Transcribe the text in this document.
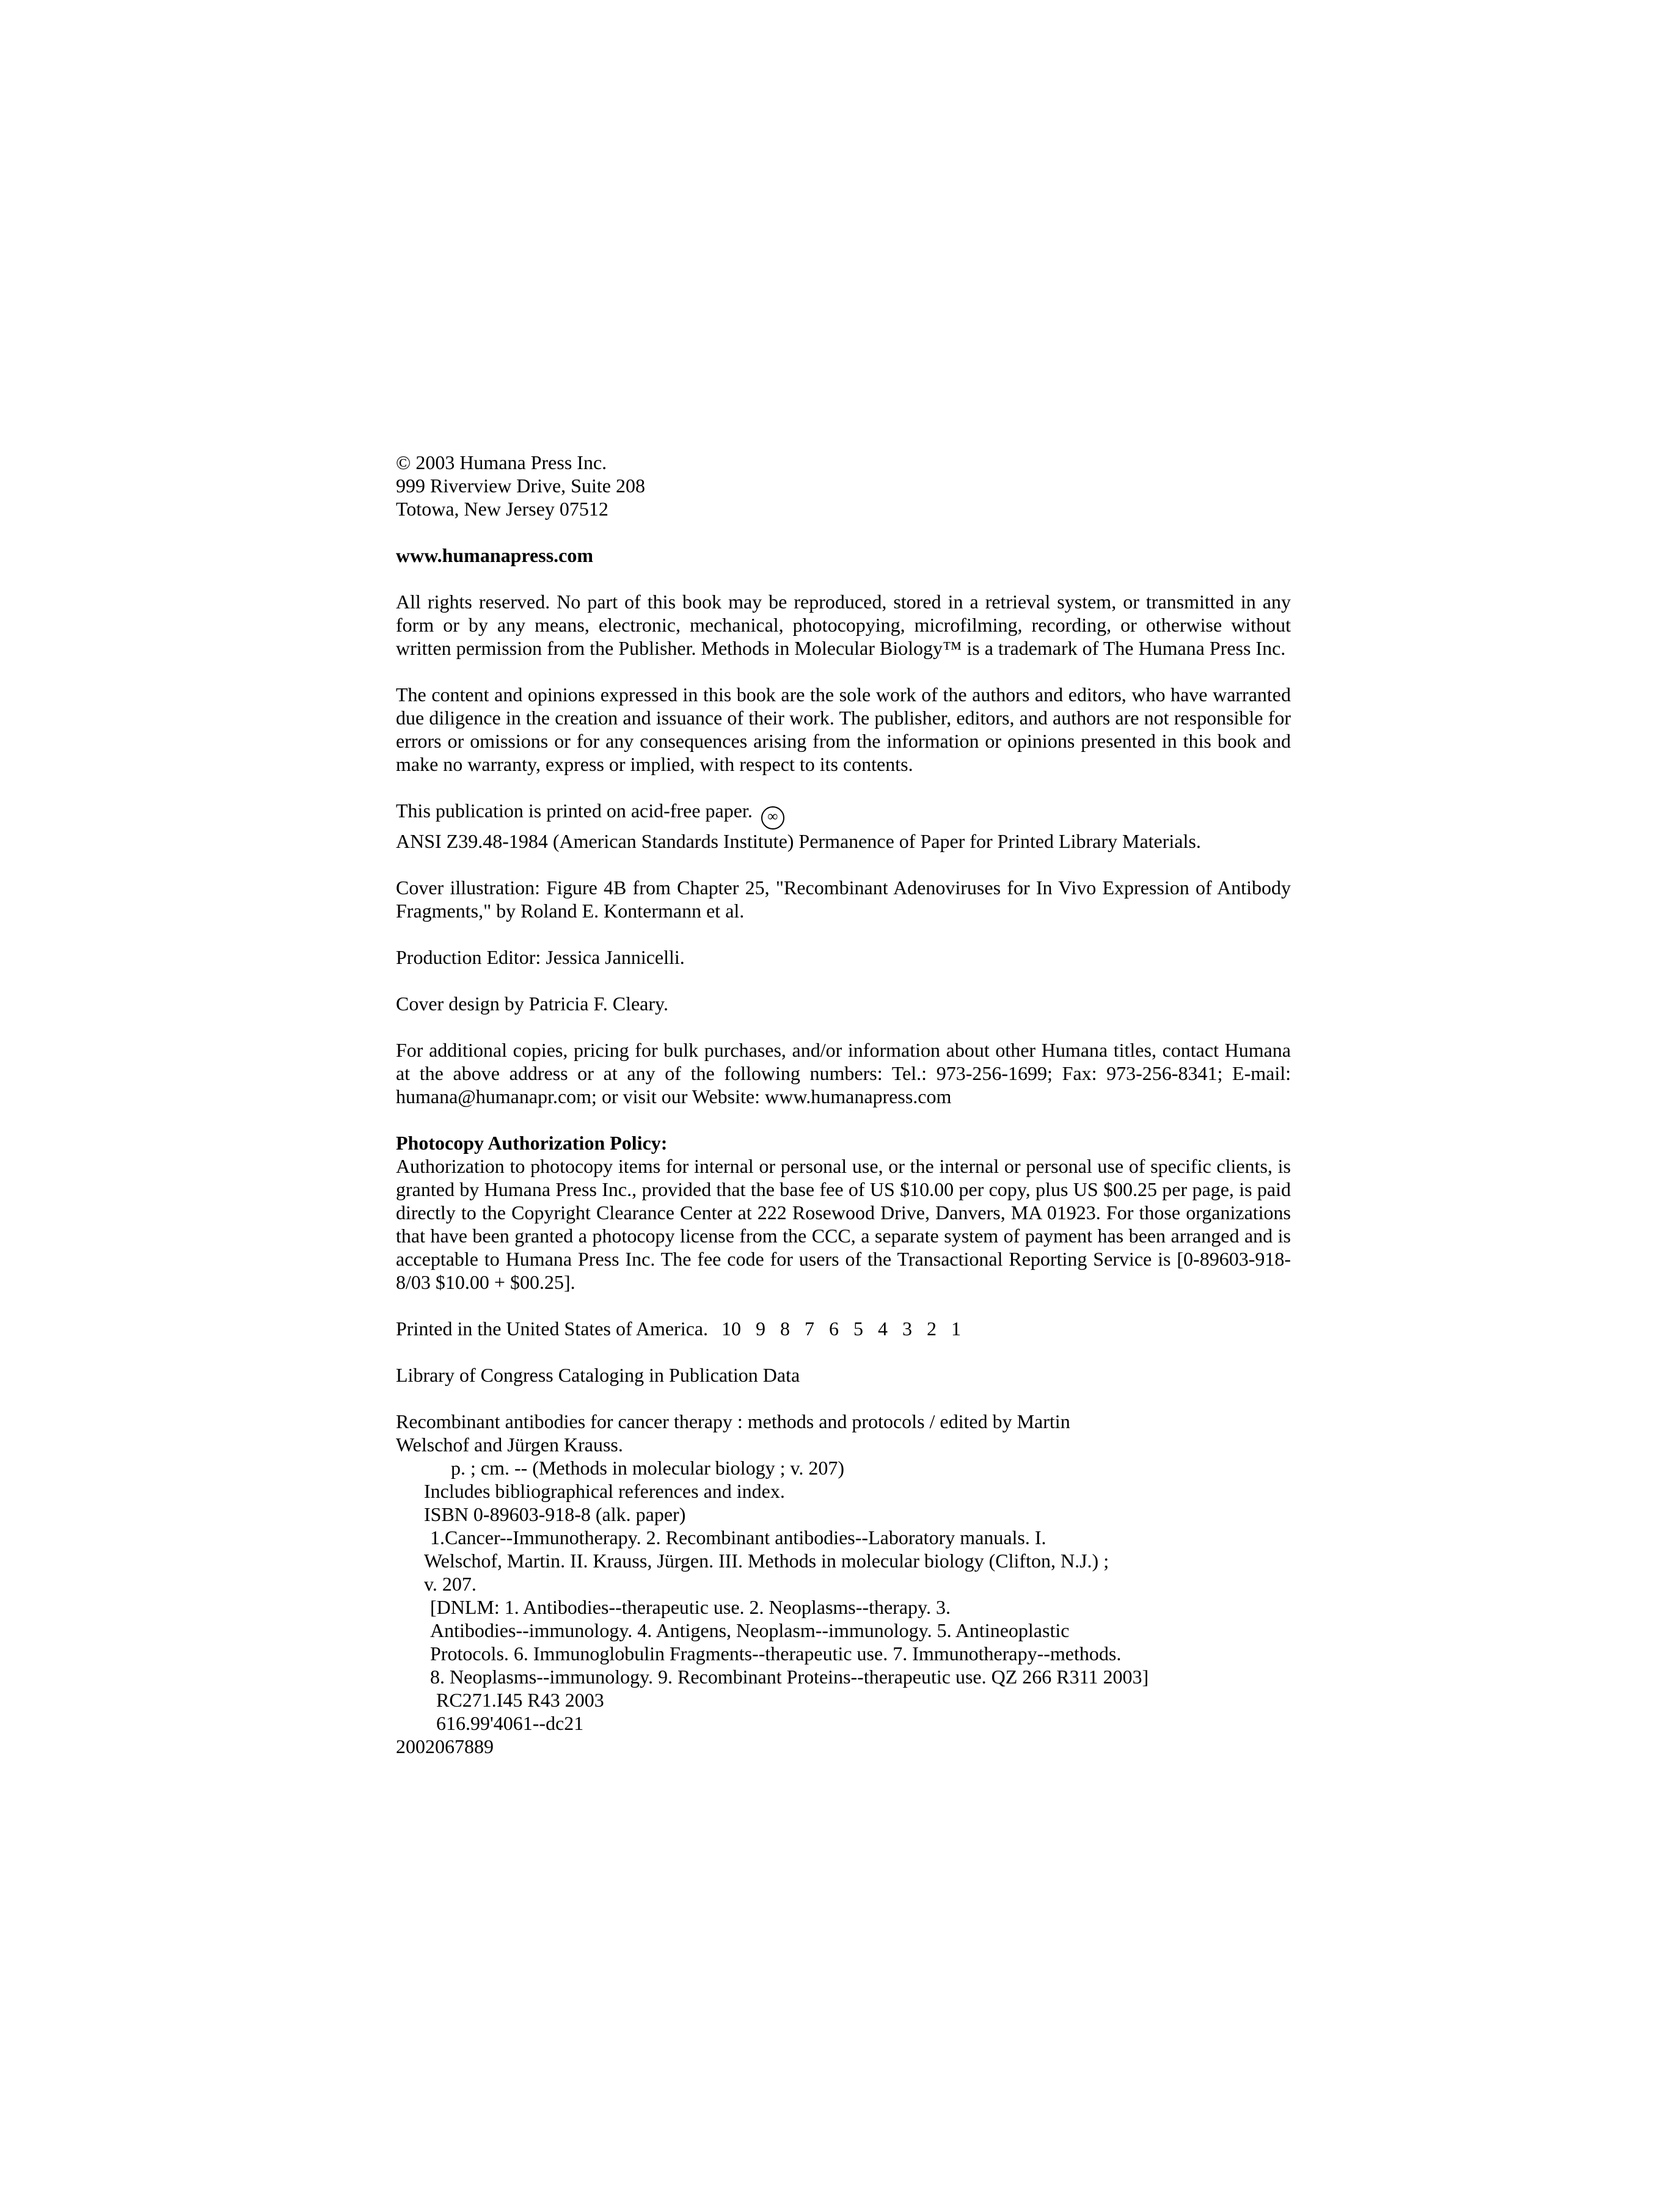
© 2003 Humana Press Inc.
999 Riverview Drive, Suite 208
Totowa, New Jersey 07512
www.humanapress.com
All rights reserved. No part of this book may be reproduced, stored in a retrieval system, or transmitted in any form or by any means, electronic, mechanical, photocopying, microfilming, recording, or otherwise without written permission from the Publisher. Methods in Molecular Biology™ is a trademark of The Humana Press Inc.
The content and opinions expressed in this book are the sole work of the authors and editors, who have warranted due diligence in the creation and issuance of their work. The publisher, editors, and authors are not responsible for errors or omissions or for any consequences arising from the information or opinions presented in this book and make no warranty, express or implied, with respect to its contents.
This publication is printed on acid-free paper. ∞
ANSI Z39.48-1984 (American Standards Institute) Permanence of Paper for Printed Library Materials.
Cover illustration: Figure 4B from Chapter 25, "Recombinant Adenoviruses for In Vivo Expression of Antibody Fragments," by Roland E. Kontermann et al.
Production Editor: Jessica Jannicelli.
Cover design by Patricia F. Cleary.
For additional copies, pricing for bulk purchases, and/or information about other Humana titles, contact Humana at the above address or at any of the following numbers: Tel.: 973-256-1699; Fax: 973-256-8341; E-mail: humana@humanapr.com; or visit our Website: www.humanapress.com
Photocopy Authorization Policy:
Authorization to photocopy items for internal or personal use, or the internal or personal use of specific clients, is granted by Humana Press Inc., provided that the base fee of US $10.00 per copy, plus US $00.25 per page, is paid directly to the Copyright Clearance Center at 222 Rosewood Drive, Danvers, MA 01923. For those organizations that have been granted a photocopy license from the CCC, a separate system of payment has been arranged and is acceptable to Humana Press Inc. The fee code for users of the Transactional Reporting Service is [0-89603-918-8/03 $10.00 + $00.25].
Printed in the United States of America. 10 9 8 7 6 5 4 3 2 1
Library of Congress Cataloging in Publication Data
Recombinant antibodies for cancer therapy : methods and protocols / edited by Martin
Welschof and Jürgen Krauss.
p. ; cm. -- (Methods in molecular biology ; v. 207)
Includes bibliographical references and index.
ISBN 0-89603-918-8 (alk. paper)
1.Cancer--Immunotherapy. 2. Recombinant antibodies--Laboratory manuals. I.
Welschof, Martin. II. Krauss, Jürgen. III. Methods in molecular biology (Clifton, N.J.) ;
v. 207.
[DNLM: 1. Antibodies--therapeutic use. 2. Neoplasms--therapy. 3.
Antibodies--immunology. 4. Antigens, Neoplasm--immunology. 5. Antineoplastic
Protocols. 6. Immunoglobulin Fragments--therapeutic use. 7. Immunotherapy--methods.
8. Neoplasms--immunology. 9. Recombinant Proteins--therapeutic use. QZ 266 R311 2003]
RC271.I45 R43 2003
616.99'4061--dc21
2002067889
